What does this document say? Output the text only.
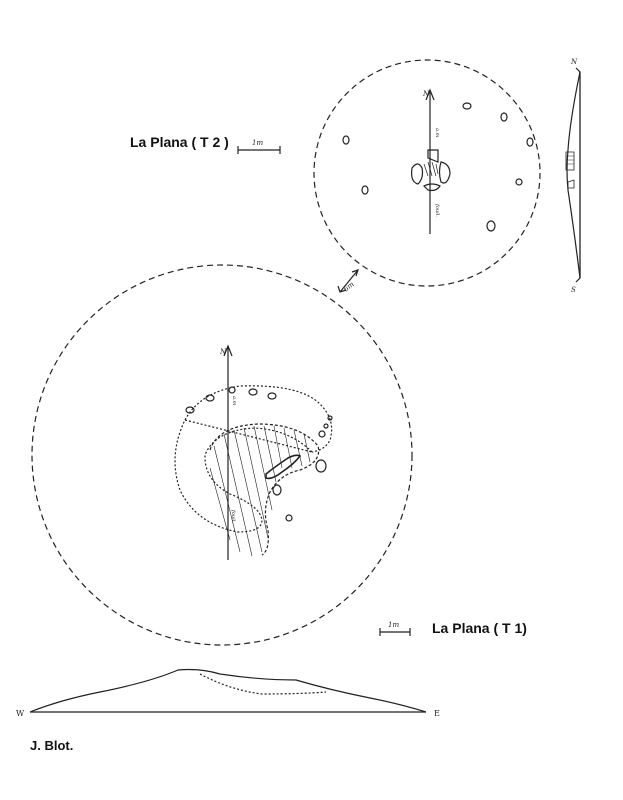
1m
1m
6m
N
N
N
S
W	E
a.m
a.m
fouil.
fouil.
La Plana ( T 2 )
La Plana ( T 1)
J. Blot.
